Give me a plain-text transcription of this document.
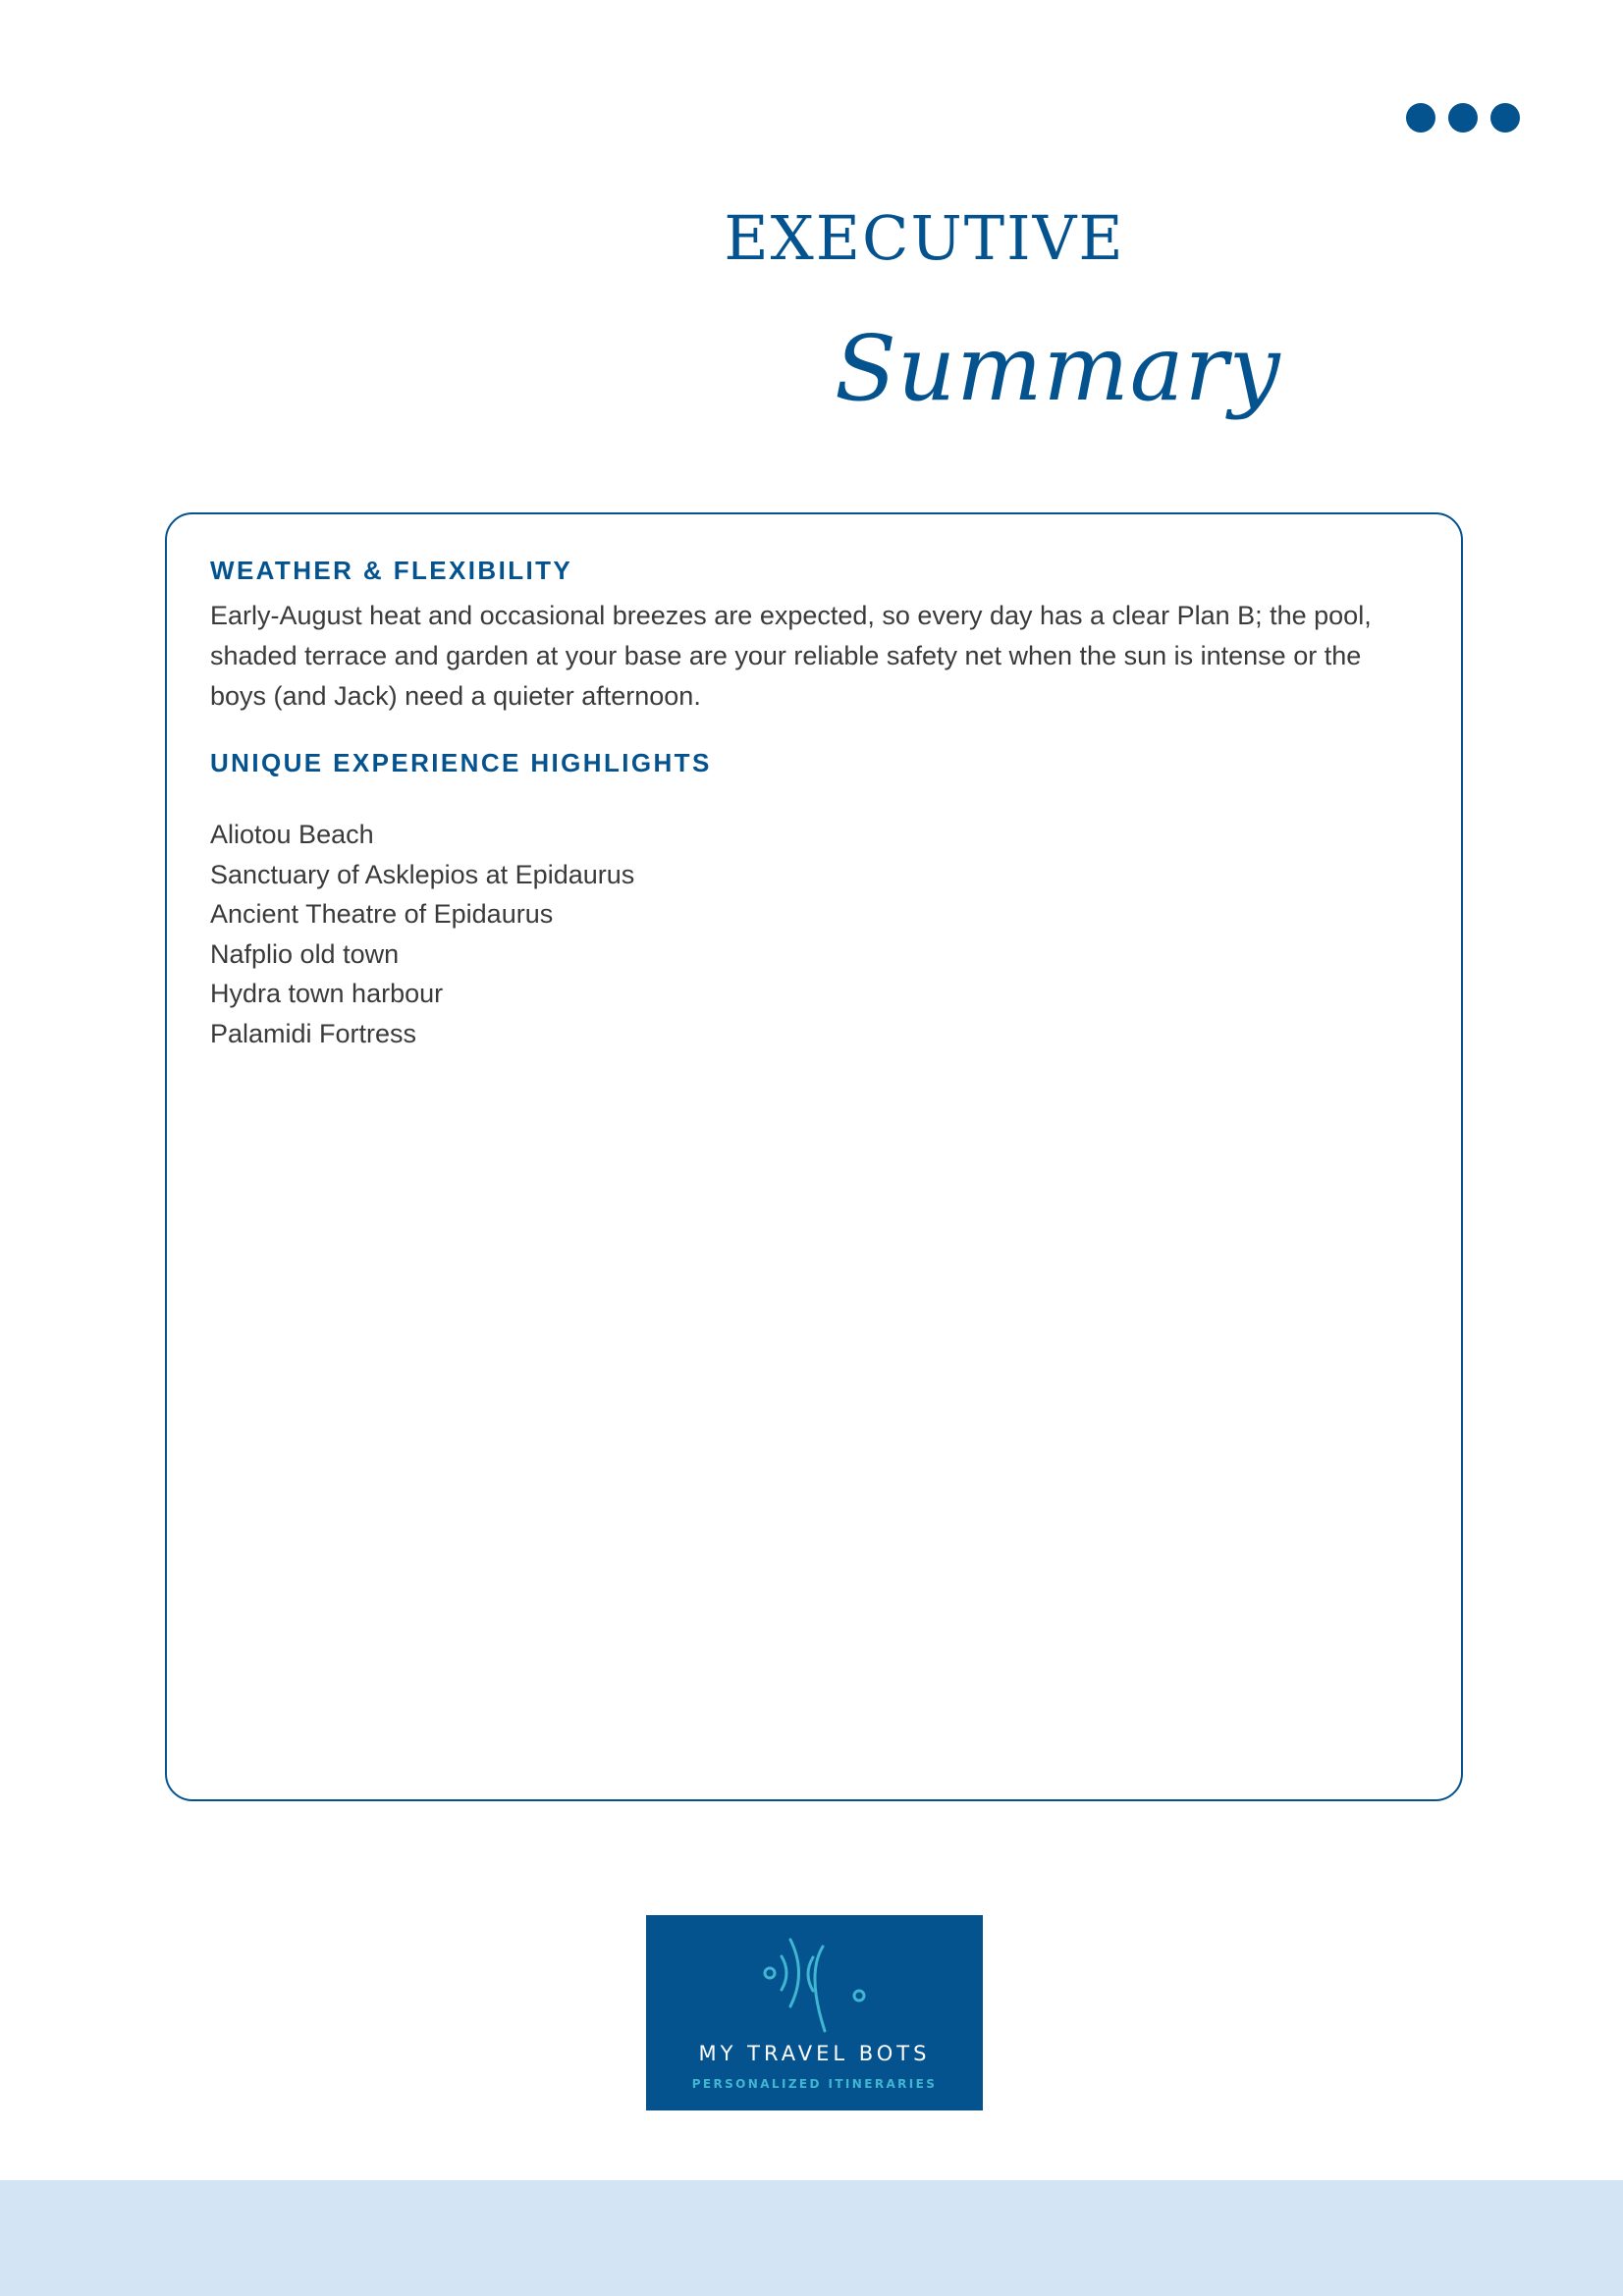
EXECUTIVE
Summary
WEATHER & FLEXIBILITY

Early-August heat and occasional breezes are expected, so every day has a clear Plan B; the pool, shaded terrace and garden at your base are your reliable safety net when the sun is intense or the boys (and Jack) need a quieter afternoon.

UNIQUE EXPERIENCE HIGHLIGHTS
Aliotou Beach
Sanctuary of Asklepios at Epidaurus
Ancient Theatre of Epidaurus
Nafplio old town
Hydra town harbour
Palamidi Fortress
MY TRAVEL BOTS
PERSONALIZED ITINERARIES
